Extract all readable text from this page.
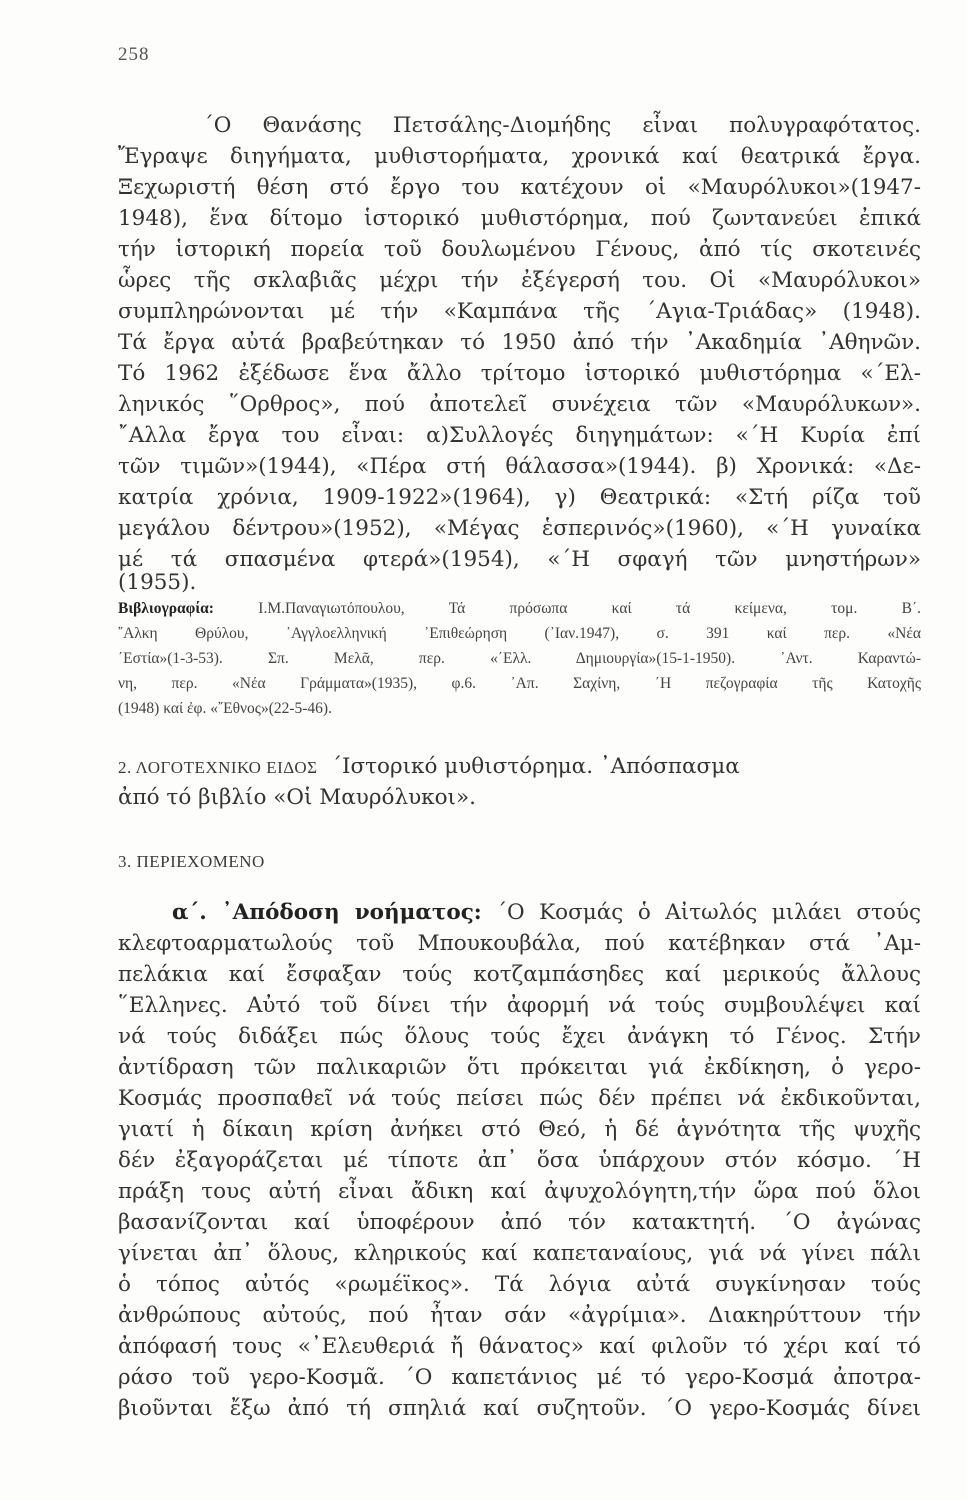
258
΄Ο Θανάσης Πετσάλης-Διομήδης εἶναι πολυγραφότατος.
Ἔγραψε διηγήματα, μυθιστορήματα, χρονικά καί θεατρικά ἔργα.
Ξεχωριστή θέση στό ἔργο του κατέχουν οἱ «Μαυρόλυκοι»(1947-
1948), ἕνα δίτομο ἱστορικό μυθιστόρημα, πού ζωντανεύει ἐπικά
τήν ἱστορική πορεία τοῦ δουλωμένου Γένους, ἀπό τίς σκοτεινές
ὧρες τῆς σκλαβιᾶς μέχρι τήν ἐξέγερσή του. Οἱ «Μαυρόλυκοι»
συμπληρώνονται μέ τήν «Καμπάνα τῆς ΄Αγια-Τριάδας» (1948).
Τά ἔργα αὐτά βραβεύτηκαν τό 1950 ἀπό τήν ᾿Ακαδημία ᾿Αθηνῶν.
Τό 1962 ἐξέδωσε ἕνα ἄλλο τρίτομο ἱστορικό μυθιστόρημα «΄Ελ-
ληνικός ῞Ορθρος», πού ἀποτελεῖ συνέχεια τῶν «Μαυρόλυκων».
῎Αλλα ἔργα του εἶναι: α)Συλλογές διηγημάτων: «΄Η Κυρία ἐπί
τῶν τιμῶν»(1944), «Πέρα στή θάλασσα»(1944). β) Χρονικά: «Δε-
κατρία χρόνια, 1909-1922»(1964), γ) Θεατρικά: «Στή ρίζα τοῦ
μεγάλου δέντρου»(1952), «Μέγας ἑσπερινός»(1960), «΄Η γυναίκα
μέ τά σπασμένα φτερά»(1954), «΄Η σφαγή τῶν μνηστήρων»
(1955).
Βιβλιογραφία:	Ι.Μ.Παναγιωτόπουλου, Τά πρόσωπα καί τά κείμενα, τομ. Β΄.
῎Αλκη Θρύλου, ᾿Αγγλοελληνική ᾿Επιθεώρηση (᾿Ιαν.1947), σ. 391 καί περ. «Νέα
΄Εστία»(1-3-53). Σπ. Μελᾶ, περ. «΄Ελλ. Δημιουργία»(15-1-1950). ᾿Αντ. Καραντώ-
νη, περ. «Νέα Γράμματα»(1935), φ.6. ᾿Απ. Σαχίνη, ΄Η πεζογραφία τῆς Κατοχῆς
(1948) καί ἐφ. «῎Εθνος»(22-5-46).
2. ΛΟΓΟΤΕΧΝΙΚΟ ΕΙΔΟΣ ΄Ιστορικό μυθιστόρημα. ᾿Απόσπασμα
ἀπό τό βιβλίο «Οἱ Μαυρόλυκοι».
3. ΠΕΡΙΕΧΟΜΕΝΟ
α΄. ᾿Απόδοση νοήματος: ΄Ο Κοσμάς ὁ Αἰτωλός μιλάει στούς
κλεφτοαρματωλούς τοῦ Μπουκουβάλα, πού κατέβηκαν στά ᾿Αμ-
πελάκια καί ἔσφαξαν τούς κοτζαμπάσηδες καί μερικούς ἄλλους
῞Ελληνες. Αὐτό τοῦ δίνει τήν ἀφορμή νά τούς συμβουλέψει καί
νά τούς διδάξει πώς ὅλους τούς ἔχει ἀνάγκη τό Γένος. Στήν
ἀντίδραση τῶν παλικαριῶν ὅτι πρόκειται γιά ἐκδίκηση, ὁ γερο-
Κοσμάς προσπαθεῖ νά τούς πείσει πώς δέν πρέπει νά ἐκδικοῦνται,
γιατί ἡ δίκαιη κρίση ἀνήκει στό Θεό, ἡ δέ ἁγνότητα τῆς ψυχῆς
δέν ἐξαγοράζεται μέ τίποτε ἀπ᾿ ὅσα ὑπάρχουν στόν κόσμο. ΄Η
πράξη τους αὐτή εἶναι ἄδικη καί ἀψυχολόγητη,τήν ὥρα πού ὅλοι
βασανίζονται καί ὑποφέρουν ἀπό τόν κατακτητή. ΄Ο ἀγώνας
γίνεται ἀπ᾿ ὅλους, κληρικούς καί καπεταναίους, γιά νά γίνει πάλι
ὁ τόπος αὐτός «ρωμέϊκος». Τά λόγια αὐτά συγκίνησαν τούς
ἀνθρώπους αὐτούς, πού ἦταν σάν «ἀγρίμια». Διακηρύττουν τήν
ἀπόφασή τους «᾿Ελευθεριά ἤ θάνατος» καί φιλοῦν τό χέρι καί τό
ράσο τοῦ γερο-Κοσμᾶ. ΄Ο καπετάνιος μέ τό γερο-Κοσμά ἀποτρα-
βιοῦνται ἔξω ἀπό τή σπηλιά καί συζητοῦν. ΄Ο γερο-Κοσμάς δίνει
